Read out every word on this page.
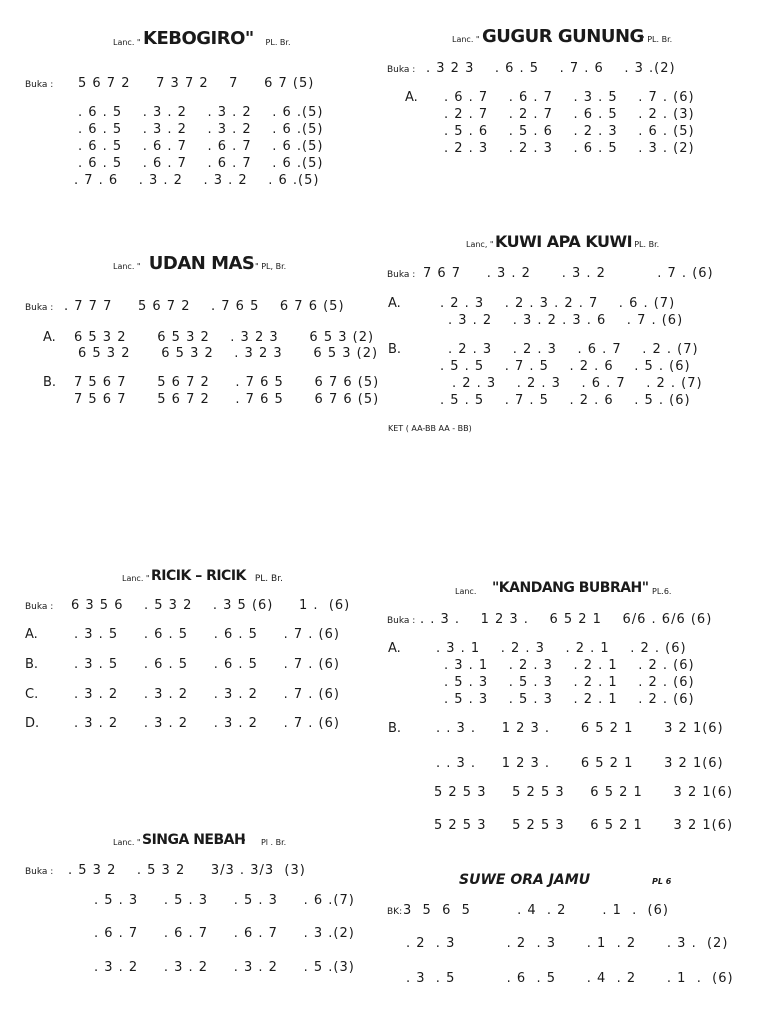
Lanc. " KEBOGIRO" PL. Br.
Buka : 5 6 7 2     7 3 7 2    7     6 7 (5)
. 6 . 5    . 3 . 2    . 3 . 2    . 6 .(5)
. 6 . 5    . 3 . 2    . 3 . 2    . 6 .(5)
. 6 . 5    . 6 . 7    . 6 . 7    . 6 .(5)
. 6 . 5    . 6 . 7    . 6 . 7    . 6 .(5)
. 7 . 6    . 3 . 2    . 3 . 2    . 6 .(5)
Lanc. " GUGUR GUNUNG
" PL. Br.
Buka : . 3 2 3    . 6 . 5    . 7 . 6    . 3 .(2)
A. . 6 . 7    . 6 . 7    . 3 . 5    . 7 . (6)
. 2 . 7    . 2 . 7    . 6 . 5    . 2 . (3)
. 5 . 6    . 5 . 6    . 2 . 3    . 6 . (5)
. 2 . 3    . 2 . 3    . 6 . 5    . 3 . (2)
Lanc. " UDAN MAS " PL, Br.
Buka : . 7 7 7     5 6 7 2    . 7 6 5    6 7 6 (5)
A. 6 5 3 2      6 5 3 2    . 3 2 3      6 5 3 (2)
6 5 3 2      6 5 3 2    . 3 2 3      6 5 3 (2)
B. 7 5 6 7      5 6 7 2     . 7 6 5      6 7 6 (5)
7 5 6 7      5 6 7 2     . 7 6 5      6 7 6 (5)
Lanc, " KUWI APA KUWI
" PL. Br.
Buka : 7 6 7     . 3 . 2      . 3 . 2          . 7 . (6)
A.	. 2 . 3    . 2 . 3 . 2 . 7    . 6 . (7)
. 3 . 2    . 3 . 2 . 3 . 6    . 7 . (6)
B.	. 2 . 3    . 2 . 3    . 6 . 7    . 2 . (7)
. 5 . 5    . 7 . 5    . 2 . 6    . 5 . (6)
. 2 . 3    . 2 . 3    . 6 . 7    . 2 . (7)
. 5 . 5    . 7 . 5    . 2 . 6    . 5 . (6)
KET ( AA-BB AA - BB)
Lanc. " RICIK – RICIK PL. Br.
Buka : 6 3 5 6    . 5 3 2    . 3 5 (6)     1 .  (6)
A.	. 3 . 5     . 6 . 5     . 6 . 5     . 7 . (6)
B.	. 3 . 5     . 6 . 5     . 6 . 5     . 7 . (6)
C.	. 3 . 2     . 3 . 2     . 3 . 2     . 7 . (6)
D.	. 3 . 2     . 3 . 2     . 3 . 2     . 7 . (6)
Lanc. "KANDANG BUBRAH" PL.6.
Buka : . . 3 .    1 2 3 .    6 5 2 1    6/6 . 6/6 (6)
A.	. 3 . 1    . 2 . 3    . 2 . 1    . 2 . (6)
. 3 . 1    . 2 . 3    . 2 . 1    . 2 . (6)
. 5 . 3    . 5 . 3    . 2 . 1    . 2 . (6)
. 5 . 3    . 5 . 3    . 2 . 1    . 2 . (6)
B.	. . 3 .     1 2 3 .      6 5 2 1      3 2 1(6)
. . 3 .     1 2 3 .      6 5 2 1      3 2 1(6)
5 2 5 3     5 2 5 3     6 5 2 1      3 2 1(6)
5 2 5 3     5 2 5 3     6 5 2 1      3 2 1(6)
Lanc. " SINGA NEBAH
"      Pl . Br.
Buka : . 5 3 2    . 5 3 2     3/3 . 3/3  (3)
. 5 . 3     . 5 . 3     . 5 . 3     . 6 .(7)
. 6 . 7     . 6 . 7     . 6 . 7     . 3 .(2)
. 3 . 2     . 3 . 2     . 3 . 2     . 5 .(3)
SUWE ORA JAMU	PL 6
BK: 3  5  6  5         . 4  . 2       . 1  .  (6)
. 2  . 3          . 2  . 3      . 1  . 2      . 3 .  (2)
. 3  . 5          . 6  . 5      . 4  . 2      . 1  .  (6)
